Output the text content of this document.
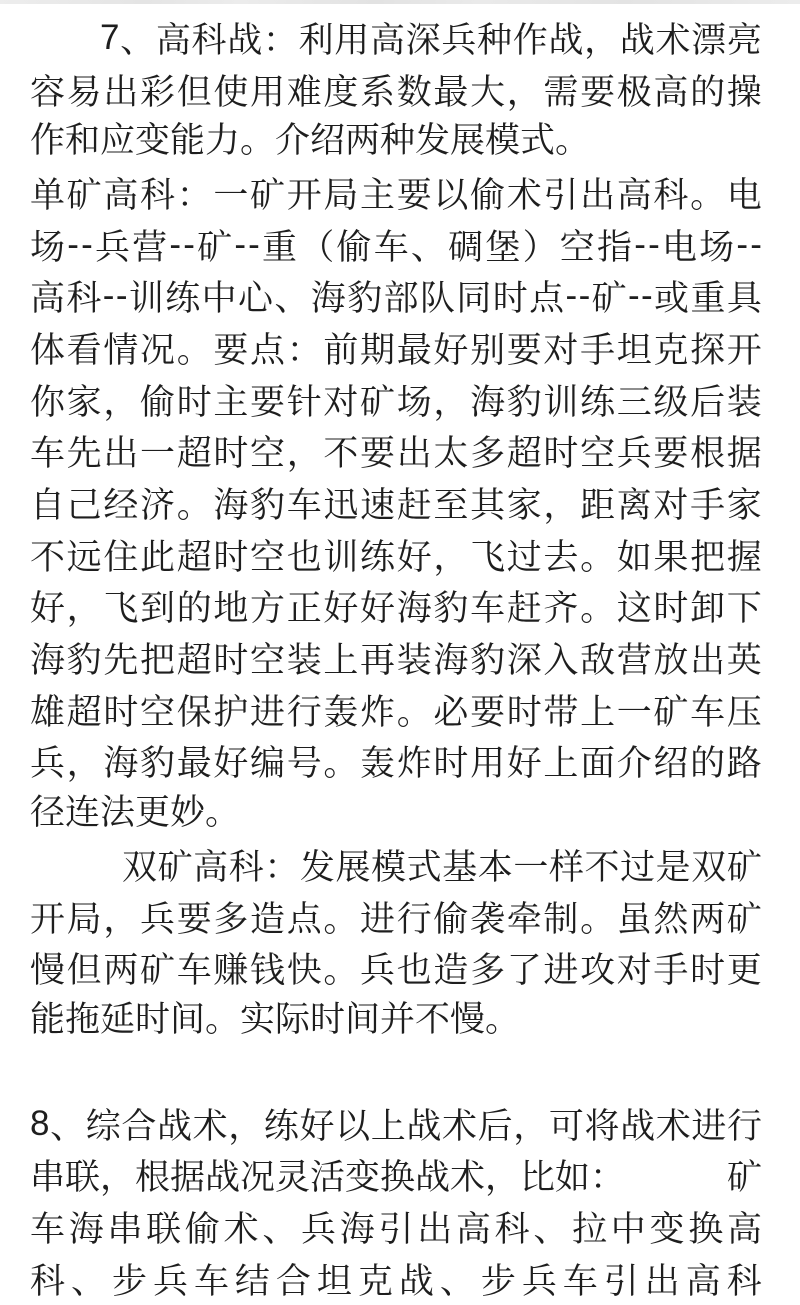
7 、 高 科 战 ： 利 用 高 深 兵 种 作 战 ， 战 术 漂 亮
容 易 出 彩 但 使 用 难 度 系 数 最 大 ， 需 要 极 高 的 操
作和应变能力。介绍两种发展模式。
单 矿 高 科 ： 一 矿 开 局 主 要 以 偷 术 引 出 高 科 。 电
场 - - 兵 营 - - 矿 - - 重 （ 偷 车 、 碉 堡 ） 空 指 - - 电 场 - -
高 科 - - 训 练 中 心 、 海 豹 部 队 同 时 点 - - 矿 - - 或 重 具
体 看 情 况 。 要 点 ： 前 期 最 好 别 要 对 手 坦 克 探 开
你 家 ， 偷 时 主 要 针 对 矿 场 ， 海 豹 训 练 三 级 后 装
车 先 出 一 超 时 空 ， 不 要 出 太 多 超 时 空 兵 要 根 据
自 己 经 济 。 海 豹 车 迅 速 赶 至 其 家 ， 距 离 对 手 家
不 远 住 此 超 时 空 也 训 练 好 ， 飞 过 去 。 如 果 把 握
好 ， 飞 到 的 地 方 正 好 好 海 豹 车 赶 齐 。 这 时 卸 下
海 豹 先 把 超 时 空 装 上 再 装 海 豹 深 入 敌 营 放 出 英
雄 超 时 空 保 护 进 行 轰 炸 。 必 要 时 带 上 一 矿 车 压
兵 ， 海 豹 最 好 编 号 。 轰 炸 时 用 好 上 面 介 绍 的 路
径连法更妙。
双 矿 高 科 ： 发 展 模 式 基 本 一 样 不 过 是 双 矿
开 局 ， 兵 要 多 造 点 。 进 行 偷 袭 牵 制 。 虽 然 两 矿
慢 但 两 矿 车 赚 钱 快 。 兵 也 造 多 了 进 攻 对 手 时 更
能拖延时间。实际时间并不慢。
8 、 综 合 战 术 ， 练 好 以 上 战 术 后 ， 可 将 战 术 进 行
串联，根据战况灵活变换战术，比如：	矿
车 海 串 联 偷 术 、 兵 海 引 出 高 科 、 拉 中 变 换 高
科 、 步 兵 车 结 合 坦 克 战 、 步 兵 车 引 出 高 科
